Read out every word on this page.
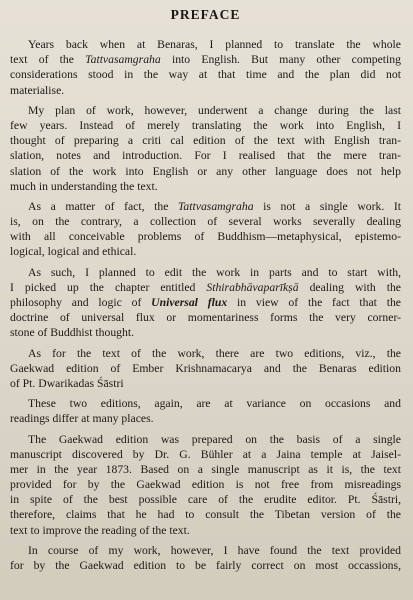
PREFACE
Years back when at Benaras, I planned to translate the whole
text of the Tattvasamgraha into English. But many other competing
considerations stood in the way at that time and the plan did not
materialise.
My plan of work, however, underwent a change during the last
few years. Instead of merely translating the work into English, I
thought of preparing a criti cal edition of the text with English tran-
slation, notes and introduction. For I realised that the mere tran-
slation of the work into English or any other language does not help
much in understanding the text.
As a matter of fact, the Tattvasamgraha is not a single work. It
is, on the contrary, a collection of several works severally dealing
with all conceivable problems of Buddhism—metaphysical, epistemo-
logical, logical and ethical.
As such, I planned to edit the work in parts and to start with,
I picked up the chapter entitled Sthirabhāvaparīkṣā dealing with the
philosophy and logic of Universal flux in view of the fact that the
doctrine of universal flux or momentariness forms the very corner-
stone of Buddhist thought.
As for the text of the work, there are two editions, viz., the
Gaekwad edition of Ember Krishnamacarya and the Benaras edition
of Pt. Dwarikadas Śāstri
These two editions, again, are at variance on occasions and
readings differ at many places.
The Gaekwad edition was prepared on the basis of a single
manuscript discovered by Dr. G. Bühler at a Jaina temple at Jaisel-
mer in the year 1873. Based on a single manuscript as it is, the text
provided for by the Gaekwad edition is not free from misreadings
in spite of the best possible care of the erudite editor. Pt. Śāstri,
therefore, claims that he had to consult the Tibetan version of the
text to improve the reading of the text.
In course of my work, however, I have found the text provided
for by the Gaekwad edition to be fairly correct on most occassions,
